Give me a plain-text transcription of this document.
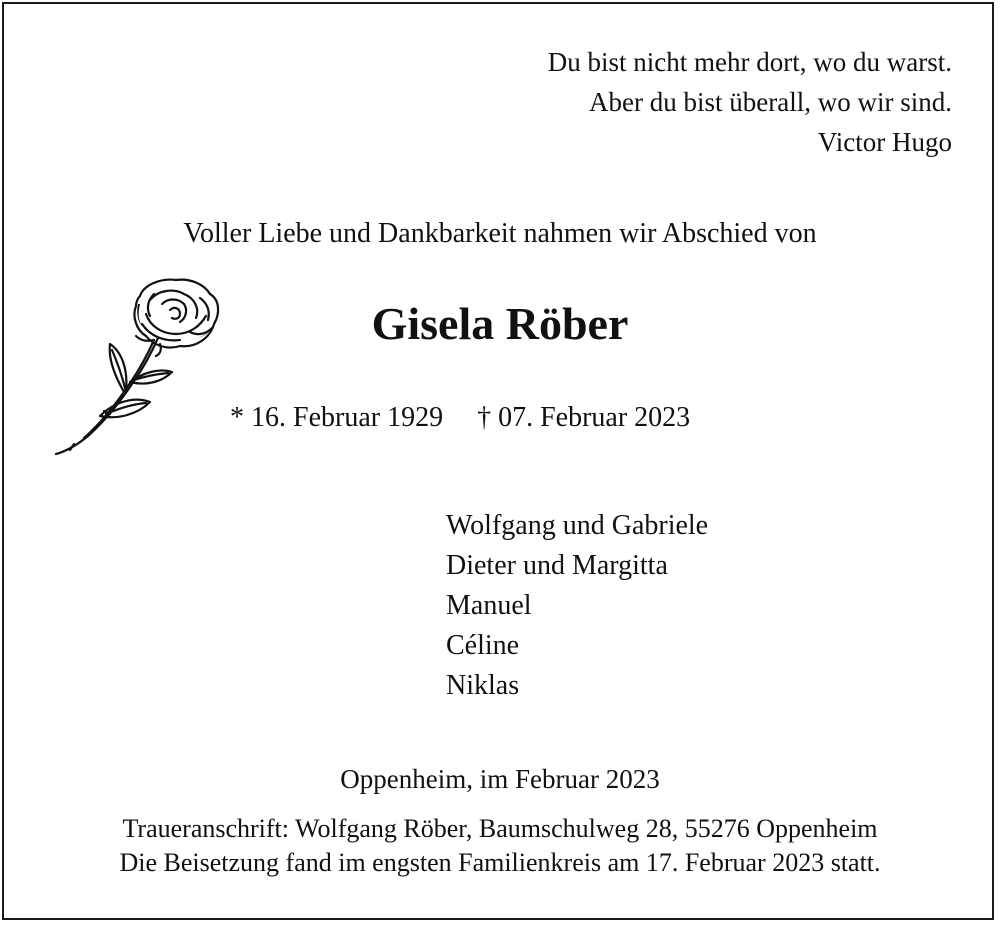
Du bist nicht mehr dort, wo du warst.
Aber du bist überall, wo wir sind.
Victor Hugo
Voller Liebe und Dankbarkeit nahmen wir Abschied von
Gisela Röber
* 16. Februar 1929 † 07. Februar 2023
Wolfgang und Gabriele
Dieter und Margitta
Manuel
Céline
Niklas
Oppenheim, im Februar 2023
Traueranschrift: Wolfgang Röber, Baumschulweg 28, 55276 Oppenheim
Die Beisetzung fand im engsten Familienkreis am 17. Februar 2023 statt.
